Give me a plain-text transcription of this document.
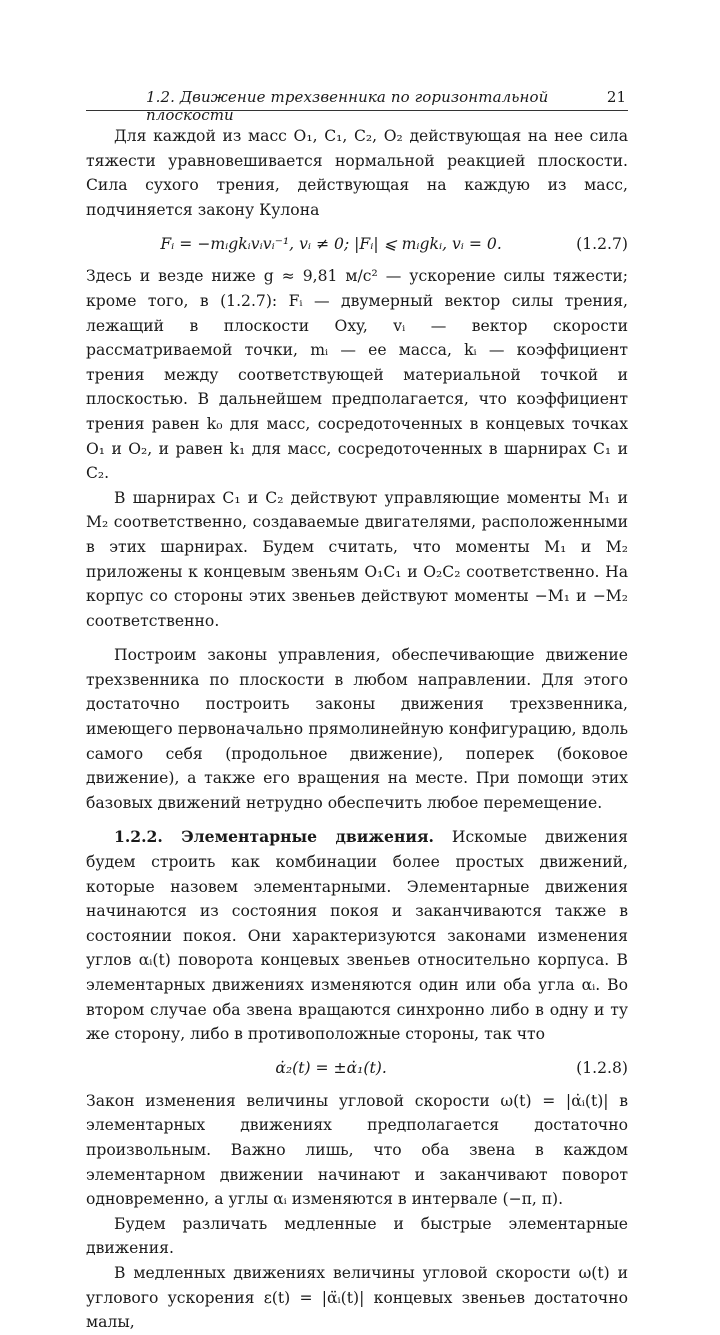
1.2. Движение трехзвенника по горизонтальной плоскости
21

Для каждой из масс O₁, C₁, C₂, O₂ действующая на нее сила тяжести уравновешивается нормальной реакцией плоскости. Сила сухого трения, действующая на каждую из масс, подчиняется закону Кулона

Fᵢ = −mᵢgkᵢvᵢvᵢ⁻¹, vᵢ ≠ 0; |Fᵢ| ⩽ mᵢgkᵢ, vᵢ = 0.	(1.2.7)

Здесь и везде ниже g ≈ 9,81 м/с² — ускорение силы тяжести; кроме того, в (1.2.7): Fᵢ — двумерный вектор силы трения, лежащий в плоскости Oxy, vᵢ — вектор скорости рассматриваемой точки, mᵢ — ее масса, kᵢ — коэффициент трения между соответствующей материальной точкой и плоскостью. В дальнейшем предполагается, что коэффициент трения равен k₀ для масс, сосредоточенных в концевых точках O₁ и O₂, и равен k₁ для масс, сосредоточенных в шарнирах C₁ и C₂.

В шарнирах C₁ и C₂ действуют управляющие моменты M₁ и M₂ соответственно, создаваемые двигателями, расположенными в этих шарнирах. Будем считать, что моменты M₁ и M₂ приложены к концевым звеньям O₁C₁ и O₂C₂ соответственно. На корпус со стороны этих звеньев действуют моменты −M₁ и −M₂ соответственно.

Построим законы управления, обеспечивающие движение трехзвенника по плоскости в любом направлении. Для этого достаточно построить законы движения трехзвенника, имеющего первоначально прямолинейную конфигурацию, вдоль самого себя (продольное движение), поперек (боковое движение), а также его вращения на месте. При помощи этих базовых движений нетрудно обеспечить любое перемещение.

1.2.2. Элементарные движения. Искомые движения будем строить как комбинации более простых движений, которые назовем элементарными. Элементарные движения начинаются из состояния покоя и заканчиваются также в состоянии покоя. Они характеризуются законами изменения углов αᵢ(t) поворота концевых звеньев относительно корпуса. В элементарных движениях изменяются один или оба угла αᵢ. Во втором случае оба звена вращаются синхронно либо в одну и ту же сторону, либо в противоположные стороны, так что

α̇₂(t) = ±α̇₁(t).	(1.2.8)

Закон изменения величины угловой скорости ω(t) = |α̇ᵢ(t)| в элементарных движениях предполагается достаточно произвольным. Важно лишь, что оба звена в каждом элементарном движении начинают и заканчивают поворот одновременно, а углы αᵢ изменяются в интервале (−π, π).

Будем различать медленные и быстрые элементарные движения.

В медленных движениях величины угловой скорости ω(t) и углового ускорения ε(t) = |α̈ᵢ(t)| концевых звеньев достаточно малы,
